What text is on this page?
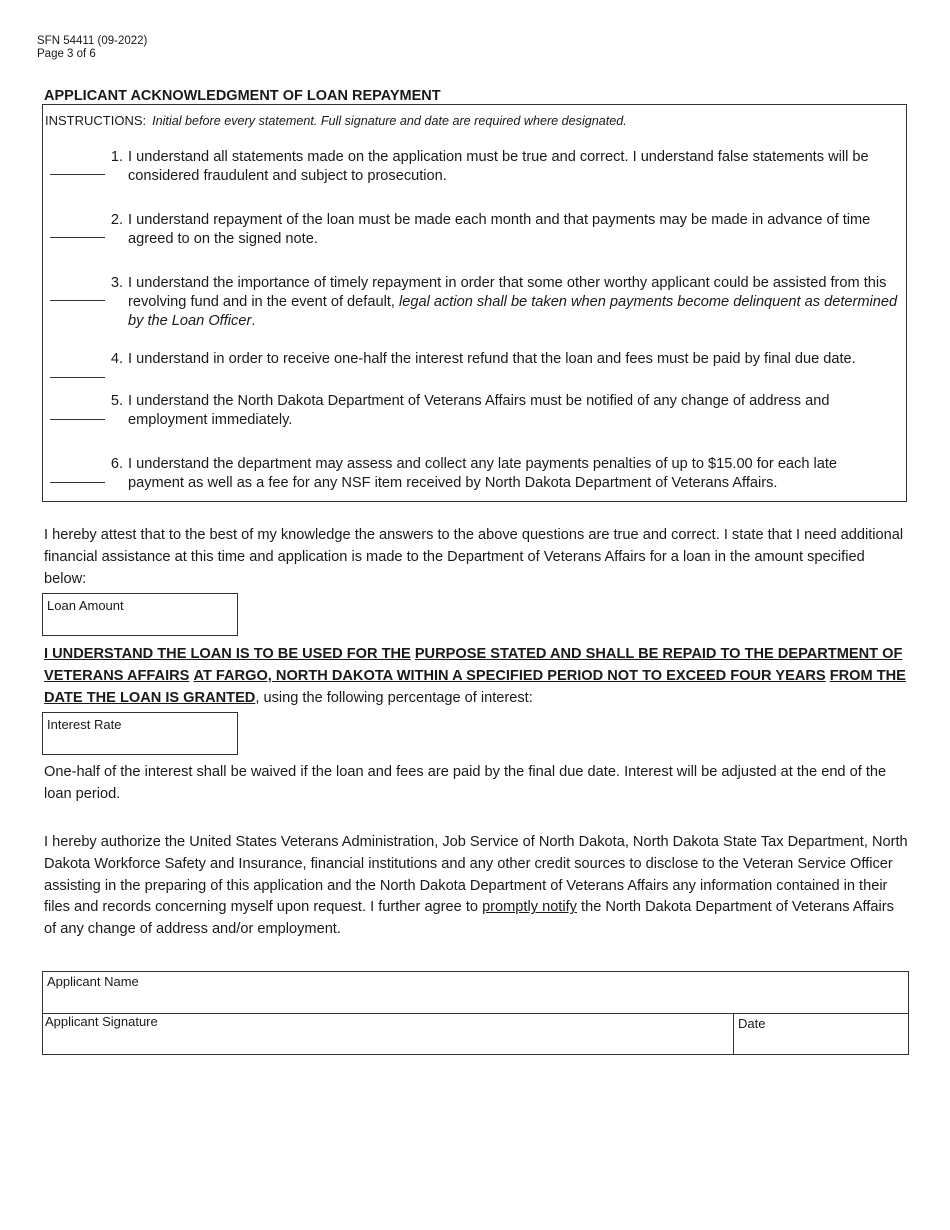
SFN 54411 (09-2022)
Page 3 of 6
APPLICANT ACKNOWLEDGMENT OF LOAN REPAYMENT
INSTRUCTIONS: Initial before every statement. Full signature and date are required where designated.
1. I understand all statements made on the application must be true and correct. I understand false statements will be considered fraudulent and subject to prosecution.
2. I understand repayment of the loan must be made each month and that payments may be made in advance of time agreed to on the signed note.
3. I understand the importance of timely repayment in order that some other worthy applicant could be assisted from this revolving fund and in the event of default, legal action shall be taken when payments become delinquent as determined by the Loan Officer.
4. I understand in order to receive one-half the interest refund that the loan and fees must be paid by final due date.
5. I understand the North Dakota Department of Veterans Affairs must be notified of any change of address and employment immediately.
6. I understand the department may assess and collect any late payments penalties of up to $15.00 for each late payment as well as a fee for any NSF item received by North Dakota Department of Veterans Affairs.
I hereby attest that to the best of my knowledge the answers to the above questions are true and correct. I state that I need additional financial assistance at this time and application is made to the Department of Veterans Affairs for a loan in the amount specified below:
Loan Amount
I UNDERSTAND THE LOAN IS TO BE USED FOR THE PURPOSE STATED AND SHALL BE REPAID TO THE DEPARTMENT OF VETERANS AFFAIRS AT FARGO, NORTH DAKOTA WITHIN A SPECIFIED PERIOD NOT TO EXCEED FOUR YEARS FROM THE DATE THE LOAN IS GRANTED, using the following percentage of interest:
Interest Rate
One-half of the interest shall be waived if the loan and fees are paid by the final due date. Interest will be adjusted at the end of the loan period.
I hereby authorize the United States Veterans Administration, Job Service of North Dakota, North Dakota State Tax Department, North Dakota Workforce Safety and Insurance, financial institutions and any other credit sources to disclose to the Veteran Service Officer assisting in the preparing of this application and the North Dakota Department of Veterans Affairs any information contained in their files and records concerning myself upon request. I further agree to promptly notify the North Dakota Department of Veterans Affairs of any change of address and/or employment.
Applicant Name
Applicant Signature	Date
